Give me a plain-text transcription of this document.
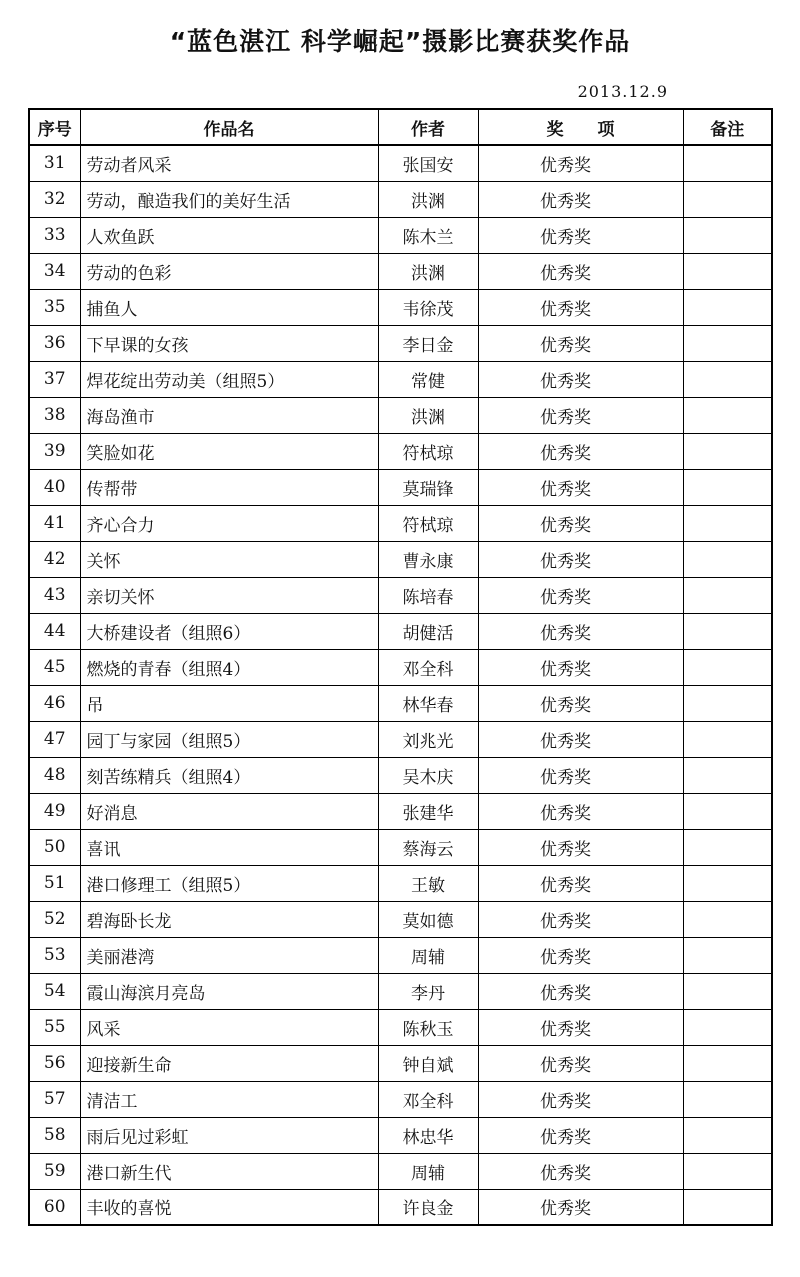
“蓝色湛江 科学崛起”摄影比赛获奖作品
2013.12.9
序号	作品名	作者	奖　　项	备注
31	劳动者风采	张国安	优秀奖	
32	劳动，酿造我们的美好生活	洪渊	优秀奖	
33	人欢鱼跃	陈木兰	优秀奖	
34	劳动的色彩	洪渊	优秀奖	
35	捕鱼人	韦徐茂	优秀奖	
36	下早课的女孩	李日金	优秀奖	
37	焊花绽出劳动美（组照5）	常健	优秀奖	
38	海岛渔市	洪渊	优秀奖	
39	笑脸如花	符栻琼	优秀奖	
40	传帮带	莫瑞锋	优秀奖	
41	齐心合力	符栻琼	优秀奖	
42	关怀	曹永康	优秀奖	
43	亲切关怀	陈培春	优秀奖	
44	大桥建设者（组照6）	胡健活	优秀奖	
45	燃烧的青春（组照4）	邓全科	优秀奖	
46	吊	林华春	优秀奖	
47	园丁与家园（组照5）	刘兆光	优秀奖	
48	刻苦练精兵（组照4）	吴木庆	优秀奖	
49	好消息	张建华	优秀奖	
50	喜讯	蔡海云	优秀奖	
51	港口修理工（组照5）	王敏	优秀奖	
52	碧海卧长龙	莫如德	优秀奖	
53	美丽港湾	周辅	优秀奖	
54	霞山海滨月亮岛	李丹	优秀奖	
55	风采	陈秋玉	优秀奖	
56	迎接新生命	钟自斌	优秀奖	
57	清洁工	邓全科	优秀奖	
58	雨后见过彩虹	林忠华	优秀奖	
59	港口新生代	周辅	优秀奖	
60	丰收的喜悦	许良金	优秀奖	
